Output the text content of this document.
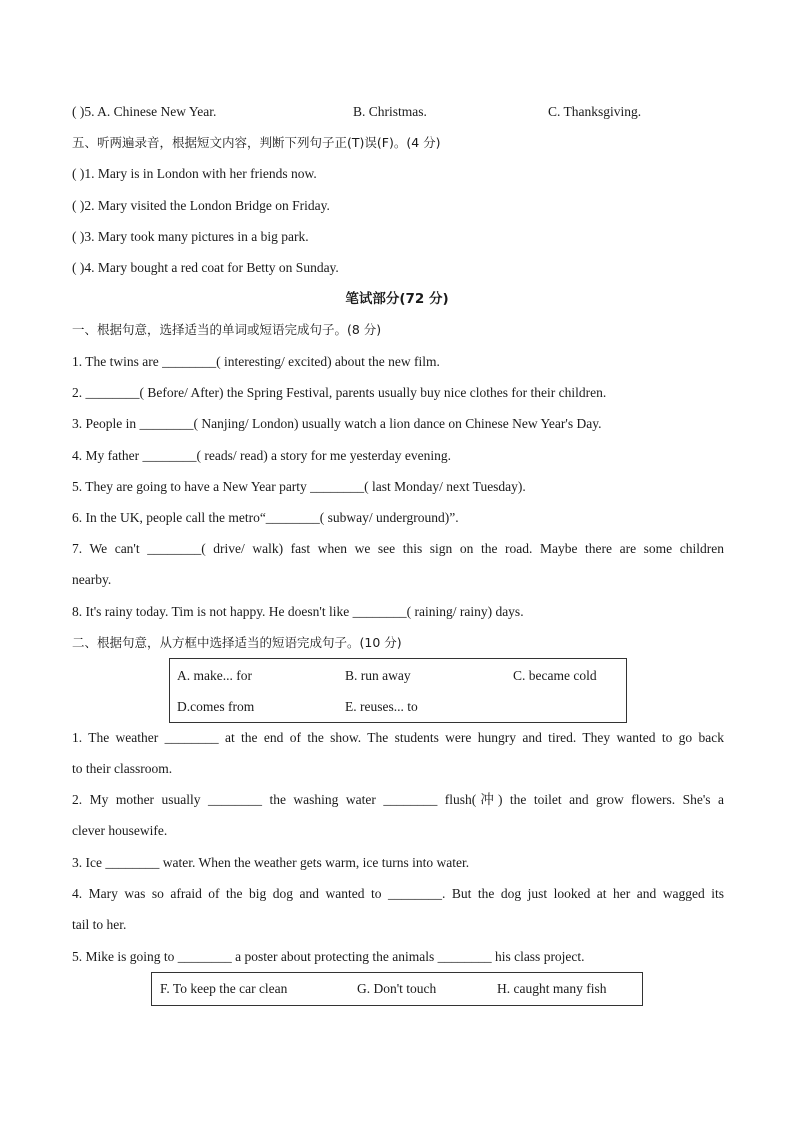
( )5. A. Chinese New Year.	B. Christmas.	C. Thanksgiving.
五、听两遍录音，根据短文内容，判断下列句子正(T)误(F)。(4 分)
( )1. Mary is in London with her friends now.
( )2. Mary visited the London Bridge on Friday.
( )3. Mary took many pictures in a big park.
( )4. Mary bought a red coat for Betty on Sunday.
笔试部分(72 分)
一、根据句意，选择适当的单词或短语完成句子。(8 分)
1. The twins are ________( interesting/ excited) about the new film.
2. ________( Before/ After) the Spring Festival, parents usually buy nice clothes for their children.
3. People in ________( Nanjing/ London) usually watch a lion dance on Chinese New Year's Day.
4. My father ________( reads/ read) a story for me yesterday evening.
5. They are going to have a New Year party ________( last Monday/ next Tuesday).
6. In the UK, people call the metro“________( subway/ underground)”.
7. We can't ________( drive/ walk) fast when we see this sign on the road. Maybe there are some children
nearby.
8. It's rainy today. Tim is not happy. He doesn't like ________( raining/ rainy) days.
二、根据句意，从方框中选择适当的短语完成句子。(10 分)
A. make... for	B. run away	C. became cold
D.comes from	E. reuses... to
1. The weather ________ at the end of the show. The students were hungry and tired. They wanted to go back
to their classroom.
2. My mother usually ________ the washing water ________ flush(冲) the toilet and grow flowers. She's a
clever housewife.
3. Ice ________ water. When the weather gets warm, ice turns into water.
4. Mary was so afraid of the big dog and wanted to ________. But the dog just looked at her and wagged its
tail to her.
5. Mike is going to ________ a poster about protecting the animals ________ his class project.
F. To keep the car clean	G. Don't touch	H. caught many fish
